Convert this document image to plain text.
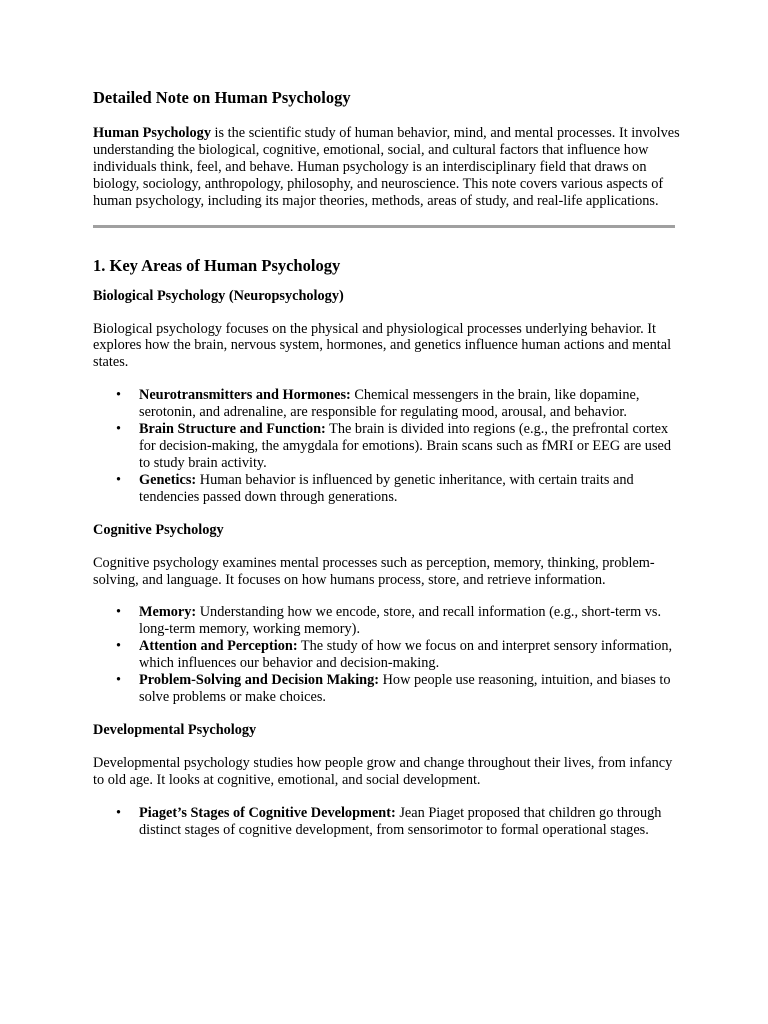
Detailed Note on Human Psychology

Human Psychology is the scientific study of human behavior, mind, and mental processes. It involves understanding the biological, cognitive, emotional, social, and cultural factors that influence how individuals think, feel, and behave. Human psychology is an interdisciplinary field that draws on biology, sociology, anthropology, philosophy, and neuroscience. This note covers various aspects of human psychology, including its major theories, methods, areas of study, and real-life applications.

1. Key Areas of Human Psychology
Biological Psychology (Neuropsychology)

Biological psychology focuses on the physical and physiological processes underlying behavior. It explores how the brain, nervous system, hormones, and genetics influence human actions and mental states.

• Neurotransmitters and Hormones: Chemical messengers in the brain, like dopamine, serotonin, and adrenaline, are responsible for regulating mood, arousal, and behavior.
• Brain Structure and Function: The brain is divided into regions (e.g., the prefrontal cortex for decision-making, the amygdala for emotions). Brain scans such as fMRI or EEG are used to study brain activity.
• Genetics: Human behavior is influenced by genetic inheritance, with certain traits and tendencies passed down through generations.
Cognitive Psychology

Cognitive psychology examines mental processes such as perception, memory, thinking, problem-solving, and language. It focuses on how humans process, store, and retrieve information.

• Memory: Understanding how we encode, store, and recall information (e.g., short-term vs. long-term memory, working memory).
• Attention and Perception: The study of how we focus on and interpret sensory information, which influences our behavior and decision-making.
• Problem-Solving and Decision Making: How people use reasoning, intuition, and biases to solve problems or make choices.
Developmental Psychology

Developmental psychology studies how people grow and change throughout their lives, from infancy to old age. It looks at cognitive, emotional, and social development.

• Piaget’s Stages of Cognitive Development: Jean Piaget proposed that children go through distinct stages of cognitive development, from sensorimotor to formal operational stages.
